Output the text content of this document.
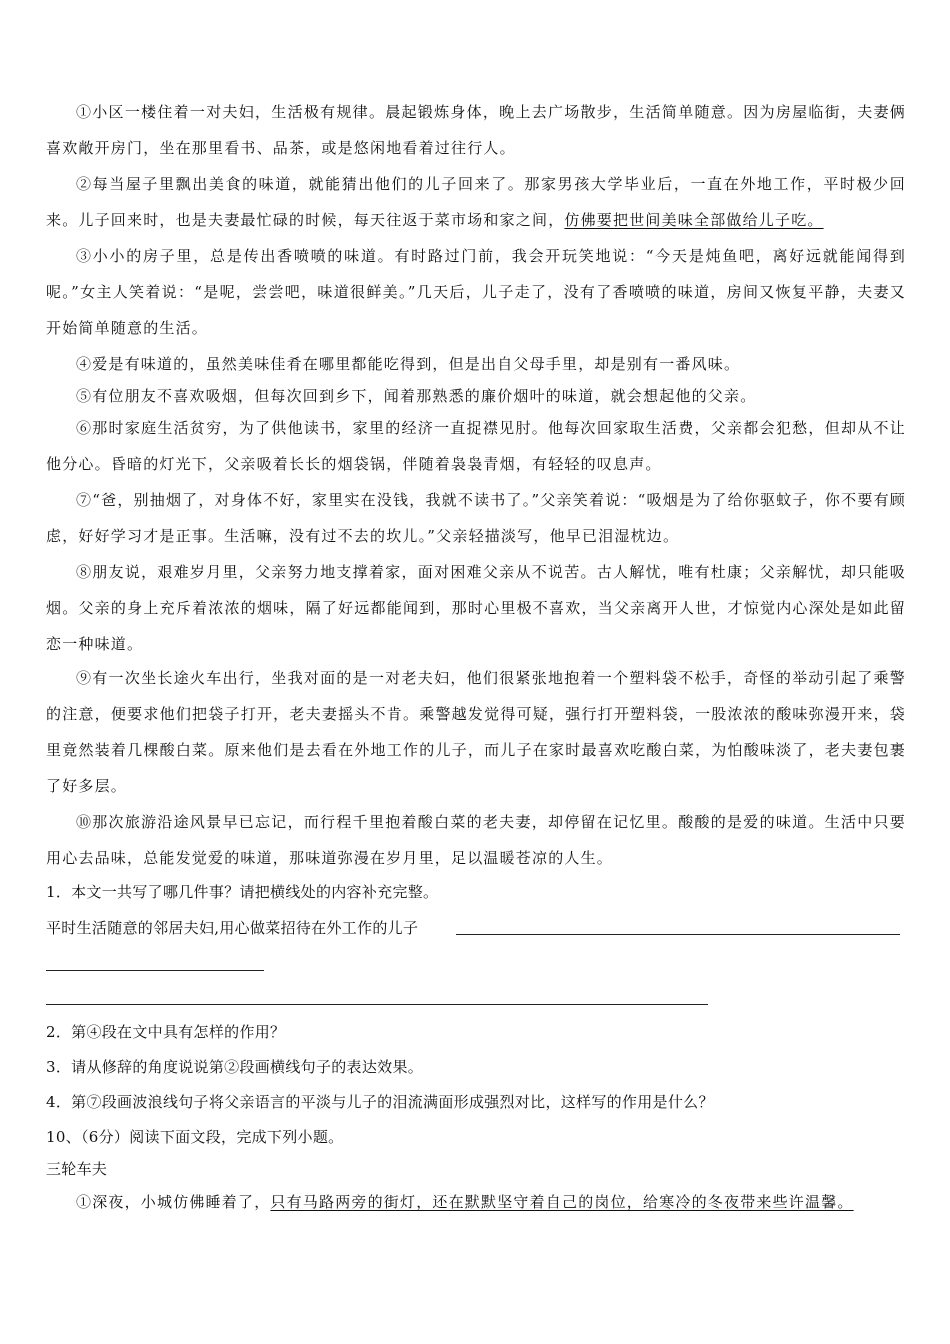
①小区一楼住着一对夫妇，生活极有规律。晨起锻炼身体，晚上去广场散步，生活简单随意。因为房屋临街，夫妻俩喜欢敞开房门，坐在那里看书、品茶，或是悠闲地看着过往行人。

②每当屋子里飘出美食的味道，就能猜出他们的儿子回来了。那家男孩大学毕业后，一直在外地工作，平时极少回来。儿子回来时，也是夫妻最忙碌的时候，每天往返于菜市场和家之间，仿佛要把世间美味全部做给儿子吃。

③小小的房子里，总是传出香喷喷的味道。有时路过门前，我会开玩笑地说：“今天是炖鱼吧，离好远就能闻得到呢。”女主人笑着说：“是呢，尝尝吧，味道很鲜美。”几天后，儿子走了，没有了香喷喷的味道，房间又恢复平静，夫妻又开始简单随意的生活。

④爱是有味道的，虽然美味佳肴在哪里都能吃得到，但是出自父母手里，却是别有一番风味。

⑤有位朋友不喜欢吸烟，但每次回到乡下，闻着那熟悉的廉价烟叶的味道，就会想起他的父亲。

⑥那时家庭生活贫穷，为了供他读书，家里的经济一直捉襟见肘。他每次回家取生活费，父亲都会犯愁，但却从不让他分心。昏暗的灯光下，父亲吸着长长的烟袋锅，伴随着袅袅青烟，有轻轻的叹息声。

⑦“爸，别抽烟了，对身体不好，家里实在没钱，我就不读书了。”父亲笑着说：“吸烟是为了给你驱蚊子，你不要有顾虑，好好学习才是正事。生活嘛，没有过不去的坎儿。”父亲轻描淡写，他早已泪湿枕边。

⑧朋友说，艰难岁月里，父亲努力地支撑着家，面对困难父亲从不说苦。古人解忧，唯有杜康；父亲解忧，却只能吸烟。父亲的身上充斥着浓浓的烟味，隔了好远都能闻到，那时心里极不喜欢，当父亲离开人世，才惊觉内心深处是如此留恋一种味道。

⑨有一次坐长途火车出行，坐我对面的是一对老夫妇，他们很紧张地抱着一个塑料袋不松手，奇怪的举动引起了乘警的注意，便要求他们把袋子打开，老夫妻摇头不肯。乘警越发觉得可疑，强行打开塑料袋，一股浓浓的酸味弥漫开来，袋里竟然装着几棵酸白菜。原来他们是去看在外地工作的儿子，而儿子在家时最喜欢吃酸白菜，为怕酸味淡了，老夫妻包裹了好多层。

⑩那次旅游沿途风景早已忘记，而行程千里抱着酸白菜的老夫妻，却停留在记忆里。酸酸的是爱的味道。生活中只要用心去品味，总能发觉爱的味道，那味道弥漫在岁月里，足以温暖苍凉的人生。

1．本文一共写了哪几件事？请把横线处的内容补充完整。

平时生活随意的邻居夫妇,用心做菜招待在外工作的儿子

2．第④段在文中具有怎样的作用？

3．请从修辞的角度说说第②段画横线句子的表达效果。

4．第⑦段画波浪线句子将父亲语言的平淡与儿子的泪流满面形成强烈对比，这样写的作用是什么？

10、（6分）阅读下面文段，完成下列小题。

三轮车夫

①深夜，小城仿佛睡着了，只有马路两旁的街灯，还在默默坚守着自己的岗位，给寒冷的冬夜带来些许温馨。
